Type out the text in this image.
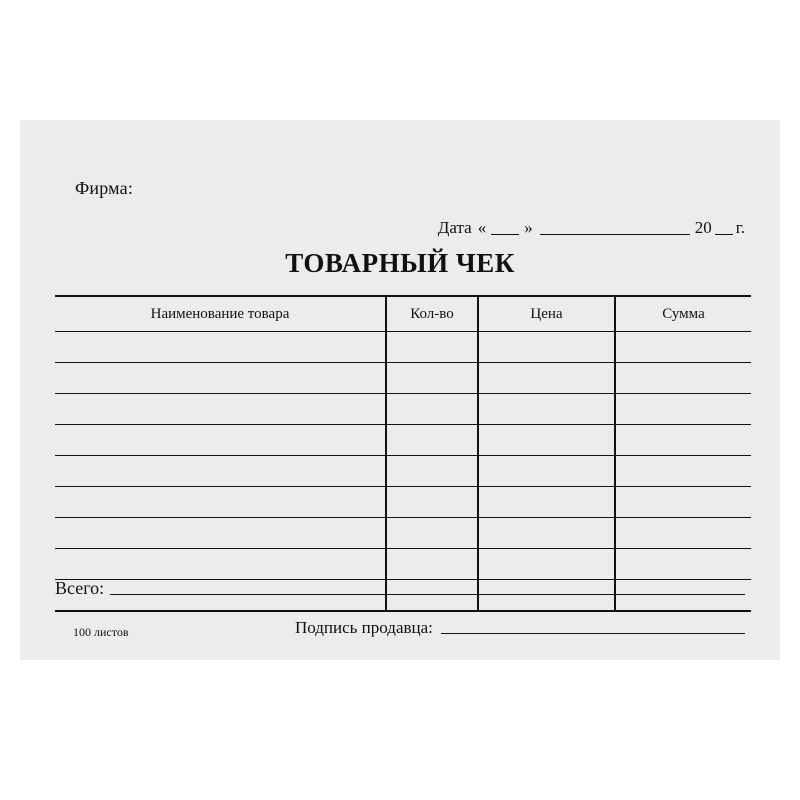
Фирма:
Дата « »	20 г.
ТОВАРНЫЙ ЧЕК
Наименование товара	Кол-во	Цена	Сумма

Всего:
Подпись продавца:
100 листов
